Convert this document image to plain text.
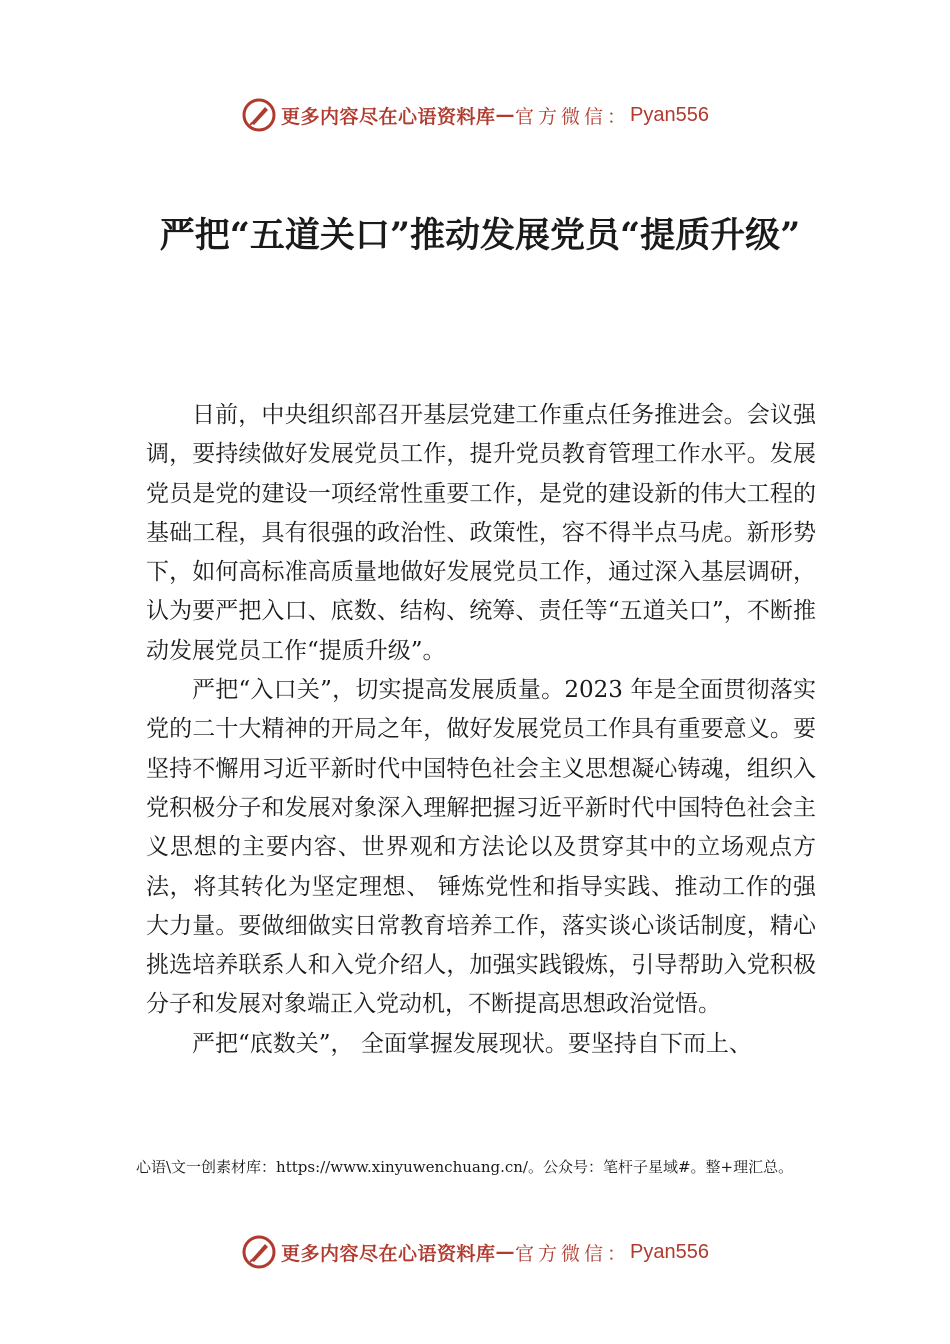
更多内容尽在心语资料库 — 官方微信： Pyan556
严把“五道关口”推动发展党员“提质升级”

日前，中央组织部召开基层党建工作重点任务推进会。会议强调，要持续做好发展党员工作，提升党员教育管理工作水平。发展党员是党的建设一项经常性重要工作，是党的建设新的伟大工程的基础工程，具有很强的政治性、政策性，容不得半点马虎。新形势下，如何高标准高质量地做好发展党员工作，通过深入基层调研，认为要严把入口、底数、结构、统筹、责任等“五道关口”，不断推动发展党员工作“提质升级”。

严把“入口关”，切实提高发展质量。2023 年是全面贯彻落实党的二十大精神的开局之年，做好发展党员工作具有重要意义。要坚持不懈用习近平新时代中国特色社会主义思想凝心铸魂，组织入党积极分子和发展对象深入理解把握习近平新时代中国特色社会主义思想的主要内容、世界观和方法论以及贯穿其中的立场观点方法，将其转化为坚定理想、 锤炼党性和指导实践、推动工作的强大力量。要做细做实日常教育培养工作，落实谈心谈话制度，精心挑选培养联系人和入党介绍人，加强实践锻炼，引导帮助入党积极分子和发展对象端正入党动机，不断提高思想政治觉悟。

严把“底数关”， 全面掌握发展现状。要坚持自下而上、

心语\文一创素材库：https://www.xinyuwenchuang.cn/。公众号：笔杆子星域#。整+理汇总。
更多内容尽在心语资料库 — 官方微信： Pyan556
